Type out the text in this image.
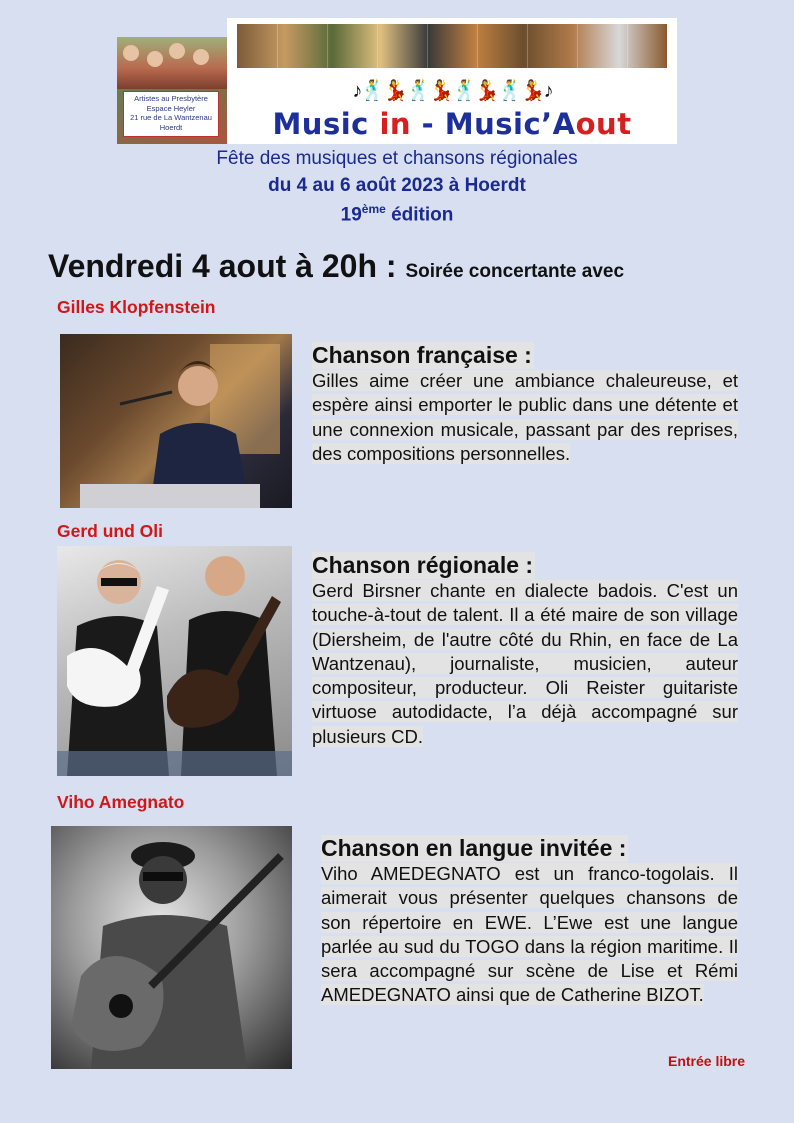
Artistes au Presbytère
Espace Heyler
21 rue de La Wantzenau
Hoerdt
♪🕺💃🕺💃🕺💃🕺💃♪
Music in - Music’Aout
Fête des musiques et chansons régionales
du 4 au 6 août 2023 à Hoerdt
19ème édition
Vendredi 4 aout à 20h : Soirée concertante avec
Gilles Klopfenstein
Chanson française :
Gilles aime créer une ambiance chaleureuse, et espère ainsi emporter le public dans une détente et une connexion musicale, passant par des reprises, des compositions personnelles.
Gerd und Oli
Chanson régionale :
Gerd Birsner chante en dialecte badois. C'est un touche-à-tout de talent. Il a été maire de son village (Diersheim, de l'autre côté du Rhin, en face de La Wantzenau), journaliste, musicien, auteur compositeur, producteur. Oli Reister guitariste virtuose autodidacte, l’a déjà accompagné sur plusieurs CD.
Viho Amegnato
Chanson en langue invitée :
Viho AMEDEGNATO est un franco-togolais. Il aimerait vous présenter quelques chansons de son répertoire en EWE. L’Ewe est une langue parlée au sud du TOGO dans la région maritime. Il sera accompagné sur scène de Lise et Rémi AMEDEGNATO ainsi que de Catherine BIZOT.
Entrée libre
